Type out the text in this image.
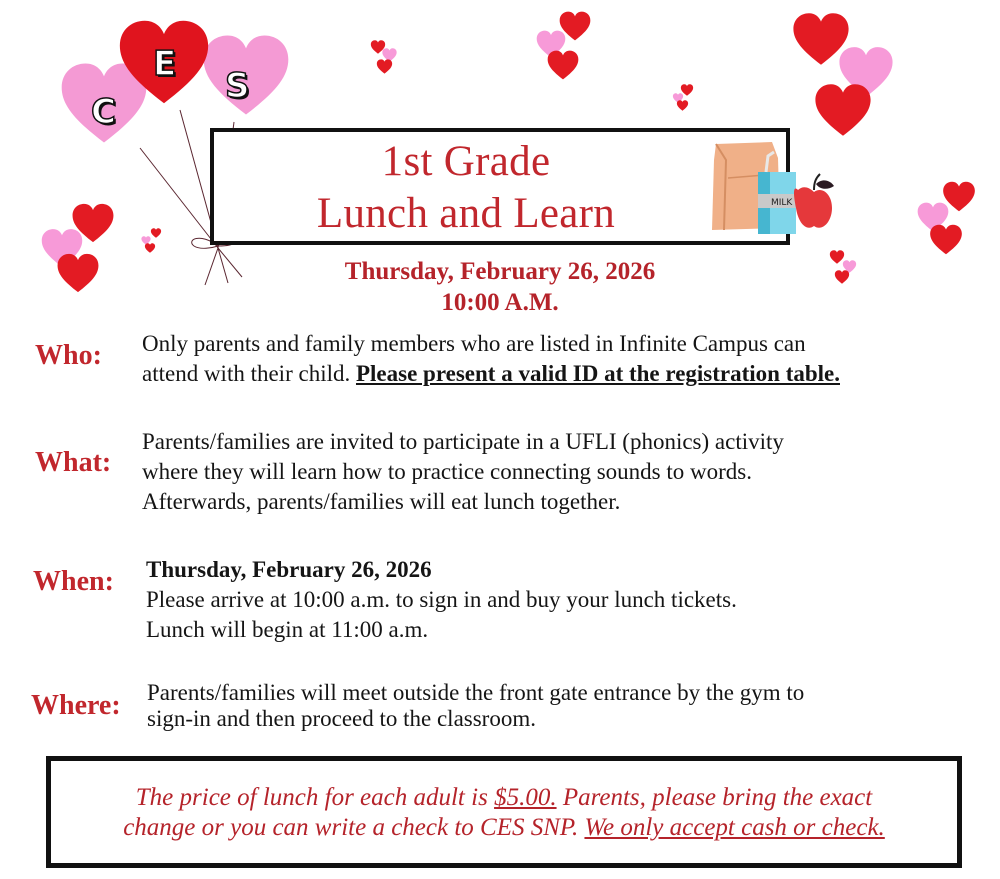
C
E
S
1st Grade
Lunch and Learn	MILK
Thursday, February 26, 2026
10:00 A.M.
Who: Only parents and family members who are listed in Infinite Campus can
attend with their child. Please present a valid ID at the registration table.
What:
Parents/families are invited to participate in a UFLI (phonics) activity
where they will learn how to practice connecting sounds to words.
Afterwards, parents/families will eat lunch together.
When: Thursday, February 26, 2026
Please arrive at 10:00 a.m. to sign in and buy your lunch tickets.
Lunch will begin at 11:00 a.m.
Where: Parents/families will meet outside the front gate entrance by the gym to
sign-in and then proceed to the classroom.
The price of lunch for each adult is $5.00. Parents, please bring the exact
change or you can write a check to CES SNP. We only accept cash or check.
